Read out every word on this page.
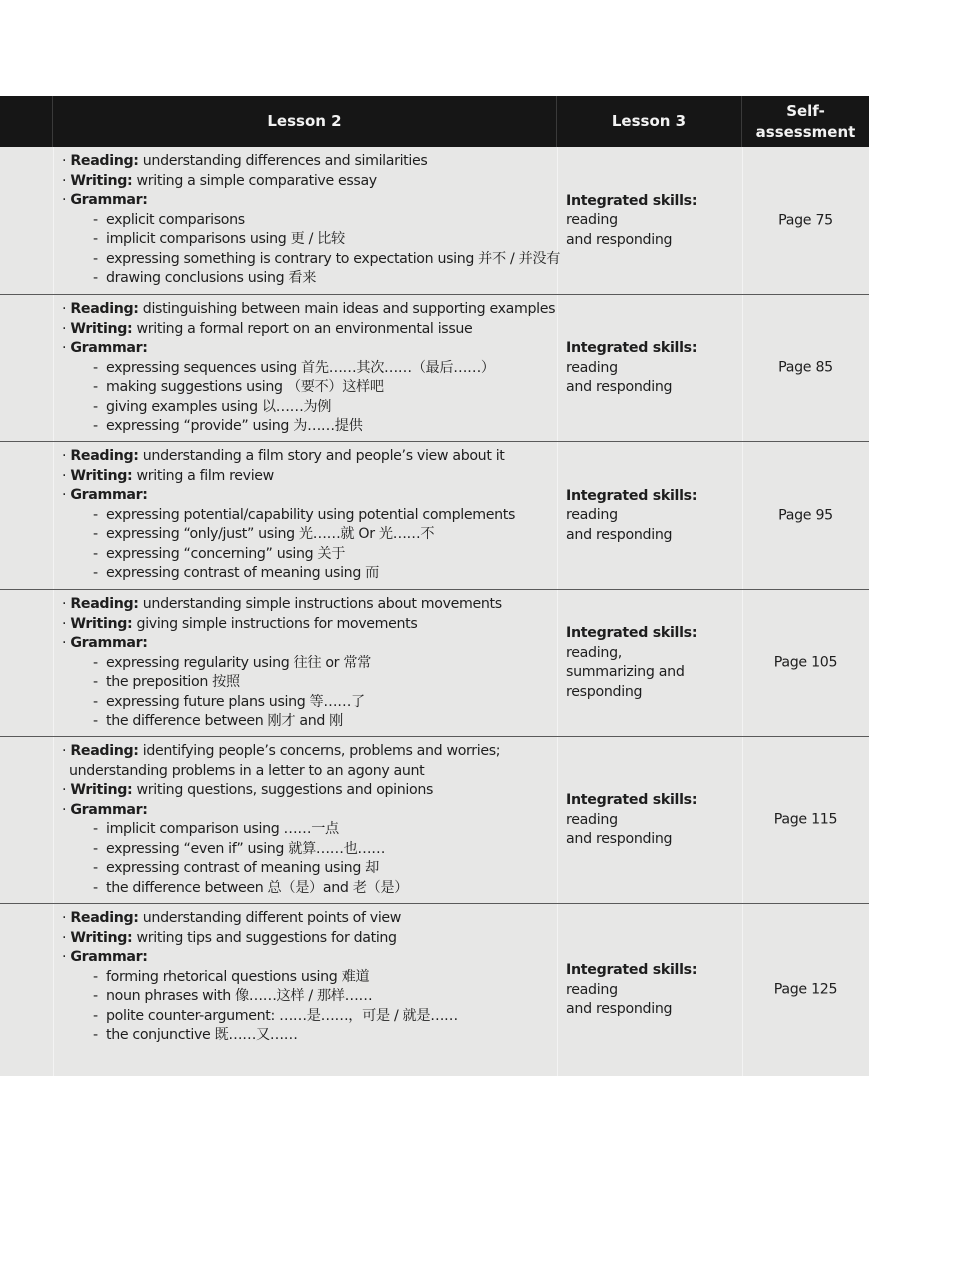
Lesson 2	Lesson 3
Self-
assessment
· Reading: understanding differences and similarities
· Writing: writing a simple comparative essay
· Grammar:
- explicit comparisons
- implicit comparisons using 更 / 比较
- expressing something is contrary to expectation using 并不 / 并没有
- drawing conclusions using 看来
Integrated skills: reading
and responding
Page 75
· Reading: distinguishing between main ideas and supporting examples
· Writing: writing a formal report on an environmental issue
· Grammar:
- expressing sequences using 首先……其次……（最后……）
- making suggestions using （要不）这样吧
- giving examples using 以……为例
- expressing “provide” using 为……提供
Integrated skills: reading
and responding
Page 85
· Reading: understanding a film story and people’s view about it
· Writing: writing a film review
· Grammar:
- expressing potential/capability using potential complements
- expressing “only/just” using 光……就 Or 光……不
- expressing “concerning” using 关于
- expressing contrast of meaning using 而
Integrated skills: reading
and responding
Page 95
· Reading: understanding simple instructions about movements
· Writing: giving simple instructions for movements
· Grammar:
- expressing regularity using 往往 or 常常
- the preposition 按照
- expressing future plans using 等……了
- the difference between 刚才 and 刚
Integrated skills: reading,
summarizing and
responding
Page 105
· Reading: identifying people’s concerns, problems and worries;
understanding problems in a letter to an agony aunt
· Writing: writing questions, suggestions and opinions
· Grammar:
- implicit comparison using ……一点
- expressing “even if” using 就算……也……
- expressing contrast of meaning using 却
- the difference between 总（是）and 老（是）
Integrated skills: reading
and responding
Page 115
· Reading: understanding different points of view
· Writing: writing tips and suggestions for dating
· Grammar:
- forming rhetorical questions using 难道
- noun phrases with 像……这样 / 那样……
- polite counter-argument: ……是……，可是 / 就是……
- the conjunctive 既……又……
Integrated skills: reading
and responding
Page 125
